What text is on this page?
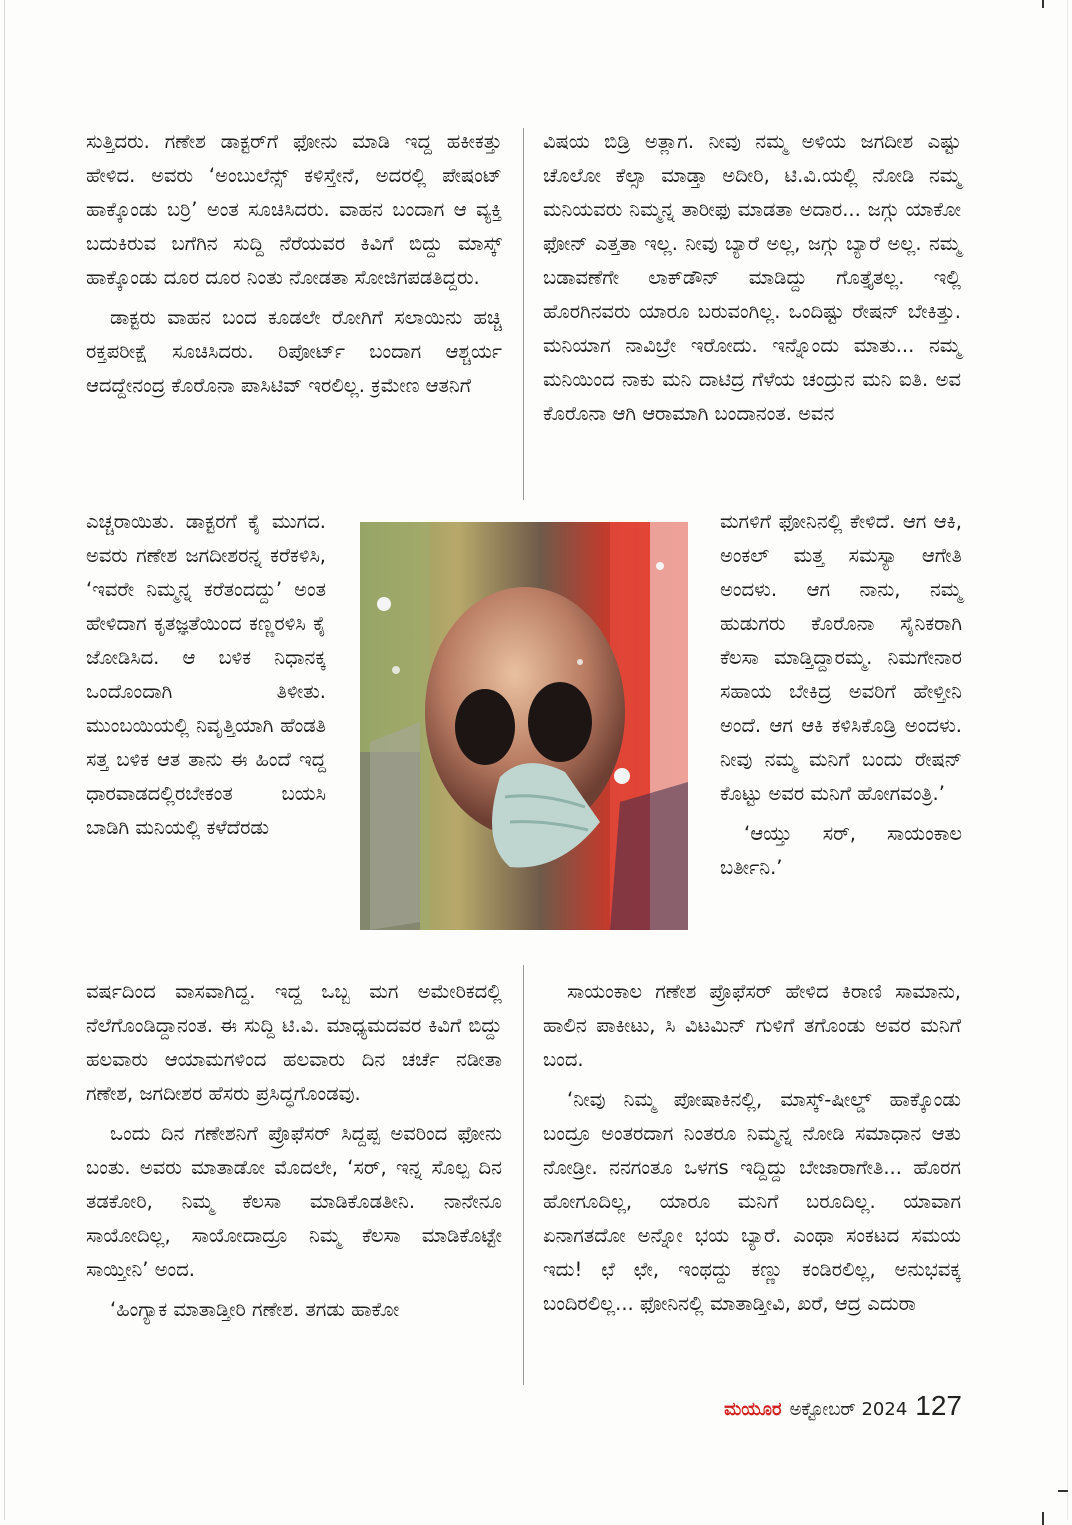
ಸುತ್ತಿದರು. ಗಣೇಶ ಡಾಕ್ಟರ್‌ಗೆ ಫೋನು ಮಾಡಿ ಇದ್ದ ಹಕೀಕತ್ತು ಹೇಳಿದ. ಅವರು ‘ಅಂಬುಲೆನ್ಸ್ ಕಳಿಸ್ತೇನೆ, ಅದರಲ್ಲಿ ಪೇಷಂಟ್ ಹಾಕ್ಕೊಂಡು ಬರ್ರಿ’ ಅಂತ ಸೂಚಿಸಿದರು. ವಾಹನ ಬಂದಾಗ ಆ ವ್ಯಕ್ತಿ ಬದುಕಿರುವ ಬಗೆಗಿನ ಸುದ್ದಿ ನೆರೆಯವರ ಕಿವಿಗೆ ಬಿದ್ದು ಮಾಸ್ಕ್ ಹಾಕ್ಕೊಂಡು ದೂರ ದೂರ ನಿಂತು ನೋಡತಾ ಸೋಜಿಗಪಡತಿದ್ದರು.

ಡಾಕ್ಟರು ವಾಹನ ಬಂದ ಕೂಡಲೇ ರೋಗಿಗೆ ಸಲಾಯಿನು ಹಚ್ಚಿ ರಕ್ತಪರೀಕ್ಷೆ ಸೂಚಿಸಿದರು. ರಿಪೋರ್ಟ್ ಬಂದಾಗ ಆಶ್ಚರ್ಯ ಆದದ್ದೇನಂದ್ರ ಕೊರೊನಾ ಪಾಸಿಟಿವ್ ಇರಲಿಲ್ಲ. ಕ್ರಮೇಣ ಆತನಿಗೆ

ಎಚ್ಚರಾಯಿತು. ಡಾಕ್ಟರಗೆ ಕೈ ಮುಗದ. ಅವರು ಗಣೇಶ ಜಗದೀಶರನ್ನ ಕರೆಕಳಿಸಿ, ‘ಇವರೇ ನಿಮ್ಮನ್ನ ಕರೆತಂದದ್ದು’ ಅಂತ ಹೇಳಿದಾಗ ಕೃತಜ್ಞತೆಯಿಂದ ಕಣ್ಣರಳಿಸಿ ಕೈ ಜೋಡಿಸಿದ. ಆ ಬಳಿಕ ನಿಧಾನಕ್ಕ ಒಂದೊಂದಾಗಿ ತಿಳೀತು. ಮುಂಬಯಿಯಲ್ಲಿ ನಿವೃತ್ತಿಯಾಗಿ ಹೆಂಡತಿ ಸತ್ತ ಬಳಿಕ ಆತ ತಾನು ಈ ಹಿಂದೆ ಇದ್ದ ಧಾರವಾಡದಲ್ಲಿರಬೇಕಂತ ಬಯಸಿ ಬಾಡಿಗಿ ಮನಿಯಲ್ಲಿ ಕಳೆದೆರಡು

ವರ್ಷದಿಂದ ವಾಸವಾಗಿದ್ದ. ಇದ್ದ ಒಬ್ಬ ಮಗ ಅಮೇರಿಕದಲ್ಲಿ ನೆಲೆಗೊಂಡಿದ್ದಾನಂತ. ಈ ಸುದ್ದಿ ಟಿ.ವಿ. ಮಾಧ್ಯಮದವರ ಕಿವಿಗೆ ಬಿದ್ದು ಹಲವಾರು ಆಯಾಮಗಳಿಂದ ಹಲವಾರು ದಿನ ಚರ್ಚೆ ನಡೀತಾ ಗಣೇಶ, ಜಗದೀಶರ ಹೆಸರು ಪ್ರಸಿದ್ಧಗೊಂಡವು.

ಒಂದು ದಿನ ಗಣೇಶನಿಗೆ ಪ್ರೊಫೆಸರ್ ಸಿದ್ದಪ್ಪ ಅವರಿಂದ ಫೋನು ಬಂತು. ಅವರು ಮಾತಾಡೋ ಮೊದಲೇ, ‘ಸರ್, ಇನ್ನ ಸೊಲ್ಪ ದಿನ ತಡಕೋರಿ, ನಿಮ್ಮ ಕೆಲಸಾ ಮಾಡಿಕೊಡತೀನಿ. ನಾನೇನೂ ಸಾಯೋದಿಲ್ಲ, ಸಾಯೋದಾದ್ರೂ ನಿಮ್ಮ ಕೆಲಸಾ ಮಾಡಿಕೊಟ್ಟೇ ಸಾಯ್ತೀನಿ’ ಅಂದ.

‘ಹಿಂಗ್ಯಾಕ ಮಾತಾಡ್ತೀರಿ ಗಣೇಶ. ತಗಡು ಹಾಕೋ

ವಿಷಯ ಬಿಡ್ರಿ ಅತ್ಲಾಗ. ನೀವು ನಮ್ಮ ಅಳಿಯ ಜಗದೀಶ ಎಷ್ಟು ಚೊಲೋ ಕೆಲ್ಸಾ ಮಾಡ್ತಾ ಅದೀರಿ, ಟಿ.ವಿ.ಯಲ್ಲಿ ನೋಡಿ ನಮ್ಮ ಮನಿಯವರು ನಿಮ್ಮನ್ನ ತಾರೀಫು ಮಾಡತಾ ಅದಾರ... ಜಗ್ಗು ಯಾಕೋ ಫೋನ್ ಎತ್ತತಾ ಇಲ್ಲ. ನೀವು ಬ್ಯಾರೆ ಅಲ್ಲ, ಜಗ್ಗು ಬ್ಯಾರೆ ಅಲ್ಲ. ನಮ್ಮ ಬಡಾವಣೆಗೇ ಲಾಕ್‌ಡೌನ್ ಮಾಡಿದ್ದು ಗೊತ್ತೈತಲ್ಲ. ಇಲ್ಲಿ ಹೊರಗಿನವರು ಯಾರೂ ಬರುವಂಗಿಲ್ಲ. ಒಂದಿಷ್ಟು ರೇಷನ್ ಬೇಕಿತ್ತು. ಮನಿಯಾಗ ನಾವಿಬ್ರೇ ಇರೋದು. ಇನ್ನೊಂದು ಮಾತು... ನಮ್ಮ ಮನಿಯಿಂದ ನಾಕು ಮನಿ ದಾಟಿದ್ರ ಗೆಳೆಯ ಚಂದ್ರುನ ಮನಿ ಐತಿ. ಅವ ಕೊರೊನಾ ಆಗಿ ಆರಾಮಾಗಿ ಬಂದಾನಂತ. ಅವನ

ಮಗಳಿಗೆ ಫೋನಿನಲ್ಲಿ ಕೇಳಿದೆ. ಆಗ ಆಕಿ, ಅಂಕಲ್ ಮತ್ತ ಸಮಸ್ಯಾ ಆಗೇತಿ ಅಂದಳು. ಆಗ ನಾನು, ನಮ್ಮ ಹುಡುಗರು ಕೊರೊನಾ ಸೈನಿಕರಾಗಿ ಕೆಲಸಾ ಮಾಡ್ತಿದ್ದಾರಮ್ಮ. ನಿಮಗೇನಾರ ಸಹಾಯ ಬೇಕಿದ್ರ ಅವರಿಗೆ ಹೇಳ್ತೀನಿ ಅಂದೆ. ಆಗ ಆಕಿ ಕಳಿಸಿಕೊಡ್ರಿ ಅಂದಳು. ನೀವು ನಮ್ಮ ಮನಿಗೆ ಬಂದು ರೇಷನ್ ಕೊಟ್ಟು ಅವರ ಮನಿಗೆ ಹೋಗವಂತ್ರಿ.’

‘ಆಯ್ತು ಸರ್, ಸಾಯಂಕಾಲ ಬರ್ತೀನಿ.’

ಸಾಯಂಕಾಲ ಗಣೇಶ ಪ್ರೊಫೆಸರ್ ಹೇಳಿದ ಕಿರಾಣಿ ಸಾಮಾನು, ಹಾಲಿನ ಪಾಕೀಟು, ಸಿ ವಿಟಮಿನ್ ಗುಳಿಗೆ ತಗೊಂಡು ಅವರ ಮನಿಗೆ ಬಂದ.

‘ನೀವು ನಿಮ್ಮ ಪೋಷಾಕಿನಲ್ಲಿ, ಮಾಸ್ಕ್-ಷೀಲ್ಡ್ ಹಾಕ್ಕೊಂಡು ಬಂದ್ರೂ ಅಂತರದಾಗ ನಿಂತರೂ ನಿಮ್ಮನ್ನ ನೋಡಿ ಸಮಾಧಾನ ಆತು ನೋಡ್ರೀ. ನನಗಂತೂ ಒಳಗs ಇದ್ದಿದ್ದು ಬೇಜಾರಾಗೇತಿ... ಹೊರಗ ಹೋಗೂದಿಲ್ಲ, ಯಾರೂ ಮನಿಗೆ ಬರೂದಿಲ್ಲ. ಯಾವಾಗ ಏನಾಗತದೋ ಅನ್ನೋ ಭಯ ಬ್ಯಾರೆ. ಎಂಥಾ ಸಂಕಟದ ಸಮಯ ಇದು! ಛೆ ಛೇ, ಇಂಥದ್ದು ಕಣ್ಣು ಕಂಡಿರಲಿಲ್ಲ, ಅನುಭವಕ್ಕ ಬಂದಿರಲಿಲ್ಲ... ಫೋನಿನಲ್ಲಿ ಮಾತಾಡ್ತೀವಿ, ಖರೆ, ಆದ್ರ ಎದುರಾ

ಮಯೂರ ಅಕ್ಟೋಬರ್ 2024 127
